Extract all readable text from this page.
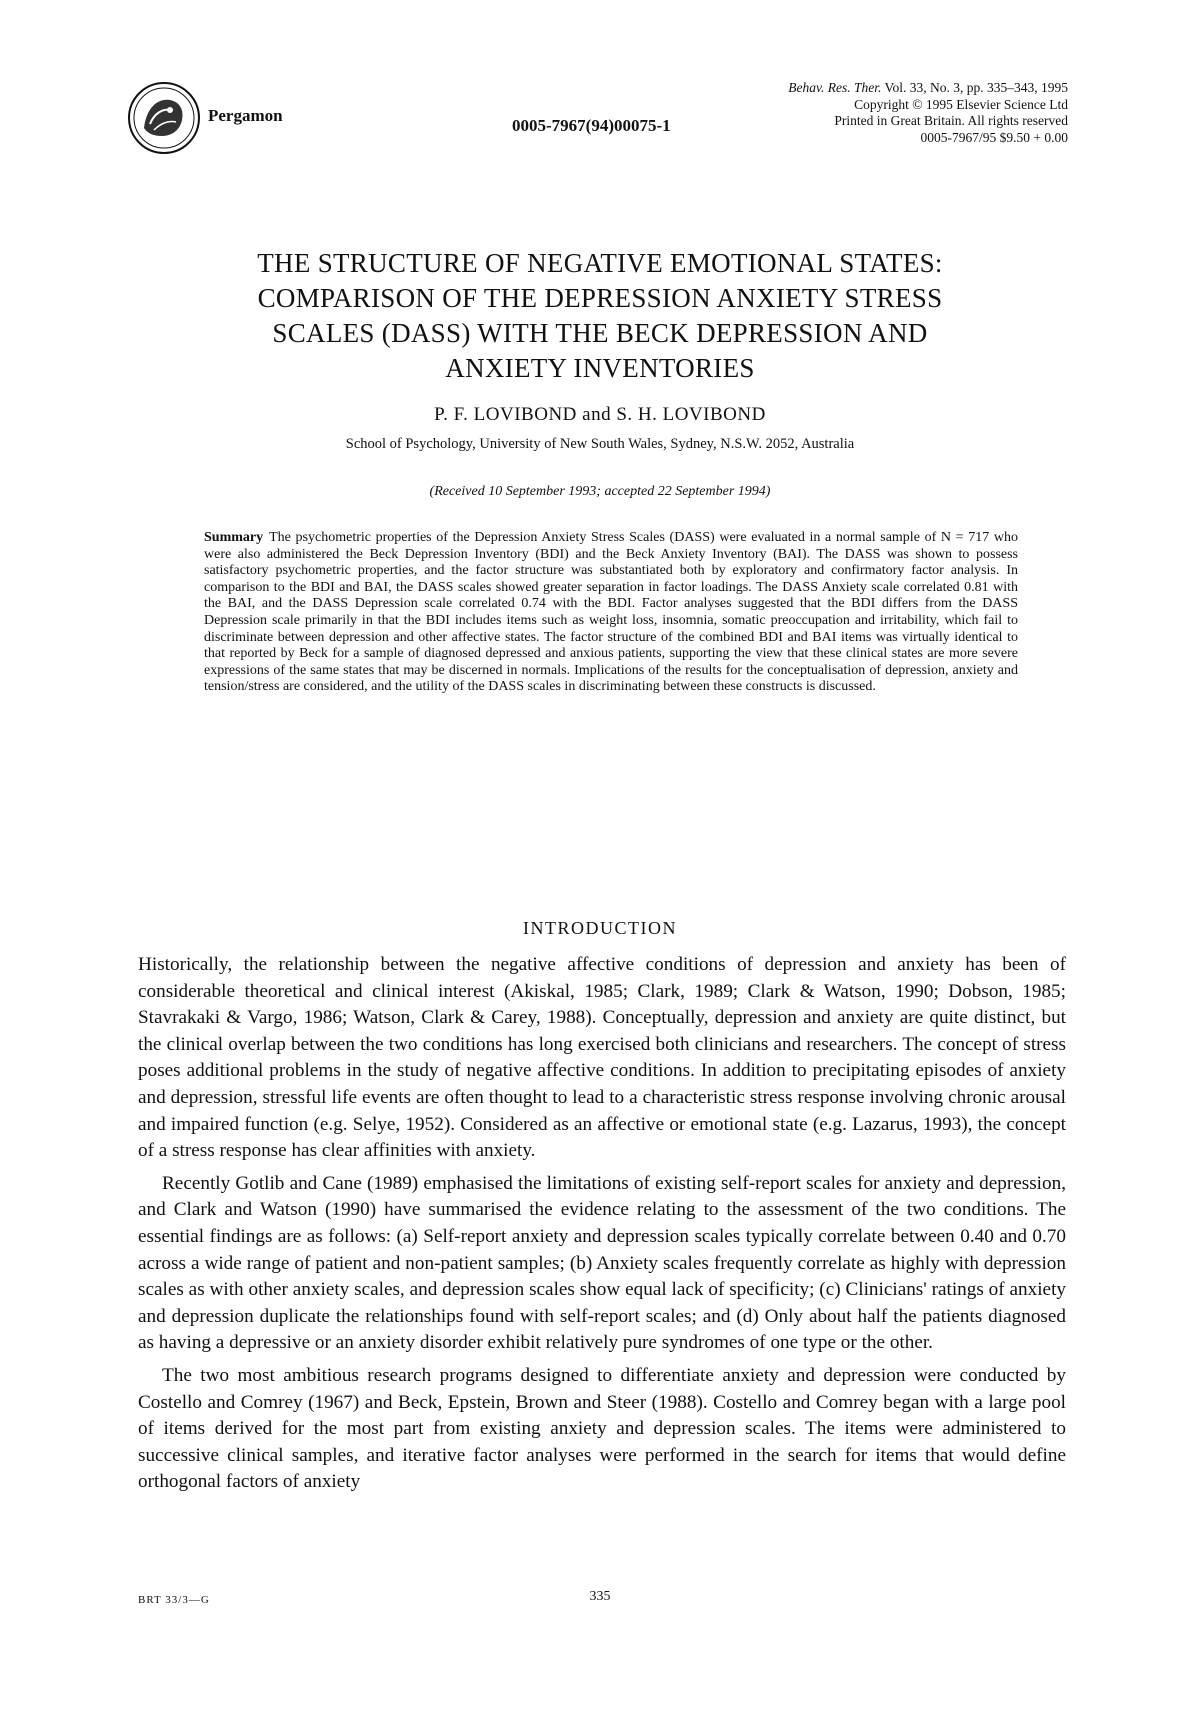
Pergamon
0005-7967(94)00075-1
Behav. Res. Ther. Vol. 33, No. 3, pp. 335–343, 1995
Copyright © 1995 Elsevier Science Ltd
Printed in Great Britain. All rights reserved
0005-7967/95 $9.50 + 0.00
THE STRUCTURE OF NEGATIVE EMOTIONAL STATES:
COMPARISON OF THE DEPRESSION ANXIETY STRESS
SCALES (DASS) WITH THE BECK DEPRESSION AND
ANXIETY INVENTORIES
P. F. LOVIBOND and S. H. LOVIBOND
School of Psychology, University of New South Wales, Sydney, N.S.W. 2052, Australia
(Received 10 September 1993; accepted 22 September 1994)
Summary The psychometric properties of the Depression Anxiety Stress Scales (DASS) were evaluated in a normal sample of N = 717 who were also administered the Beck Depression Inventory (BDI) and the Beck Anxiety Inventory (BAI). The DASS was shown to possess satisfactory psychometric properties, and the factor structure was substantiated both by exploratory and confirmatory factor analysis. In comparison to the BDI and BAI, the DASS scales showed greater separation in factor loadings. The DASS Anxiety scale correlated 0.81 with the BAI, and the DASS Depression scale correlated 0.74 with the BDI. Factor analyses suggested that the BDI differs from the DASS Depression scale primarily in that the BDI includes items such as weight loss, insomnia, somatic preoccupation and irritability, which fail to discriminate between depression and other affective states. The factor structure of the combined BDI and BAI items was virtually identical to that reported by Beck for a sample of diagnosed depressed and anxious patients, supporting the view that these clinical states are more severe expressions of the same states that may be discerned in normals. Implications of the results for the conceptualisation of depression, anxiety and tension/stress are considered, and the utility of the DASS scales in discriminating between these constructs is discussed.
INTRODUCTION

Historically, the relationship between the negative affective conditions of depression and anxiety has been of considerable theoretical and clinical interest (Akiskal, 1985; Clark, 1989; Clark & Watson, 1990; Dobson, 1985; Stavrakaki & Vargo, 1986; Watson, Clark & Carey, 1988). Conceptually, depression and anxiety are quite distinct, but the clinical overlap between the two conditions has long exercised both clinicians and researchers. The concept of stress poses additional problems in the study of negative affective conditions. In addition to precipitating episodes of anxiety and depression, stressful life events are often thought to lead to a characteristic stress response involving chronic arousal and impaired function (e.g. Selye, 1952). Considered as an affective or emotional state (e.g. Lazarus, 1993), the concept of a stress response has clear affinities with anxiety.

Recently Gotlib and Cane (1989) emphasised the limitations of existing self-report scales for anxiety and depression, and Clark and Watson (1990) have summarised the evidence relating to the assessment of the two conditions. The essential findings are as follows: (a) Self-report anxiety and depression scales typically correlate between 0.40 and 0.70 across a wide range of patient and non-patient samples; (b) Anxiety scales frequently correlate as highly with depression scales as with other anxiety scales, and depression scales show equal lack of specificity; (c) Clinicians' ratings of anxiety and depression duplicate the relationships found with self-report scales; and (d) Only about half the patients diagnosed as having a depressive or an anxiety disorder exhibit relatively pure syndromes of one type or the other.

The two most ambitious research programs designed to differentiate anxiety and depression were conducted by Costello and Comrey (1967) and Beck, Epstein, Brown and Steer (1988). Costello and Comrey began with a large pool of items derived for the most part from existing anxiety and depression scales. The items were administered to successive clinical samples, and iterative factor analyses were performed in the search for items that would define orthogonal factors of anxiety

BRT 33/3—G	335
